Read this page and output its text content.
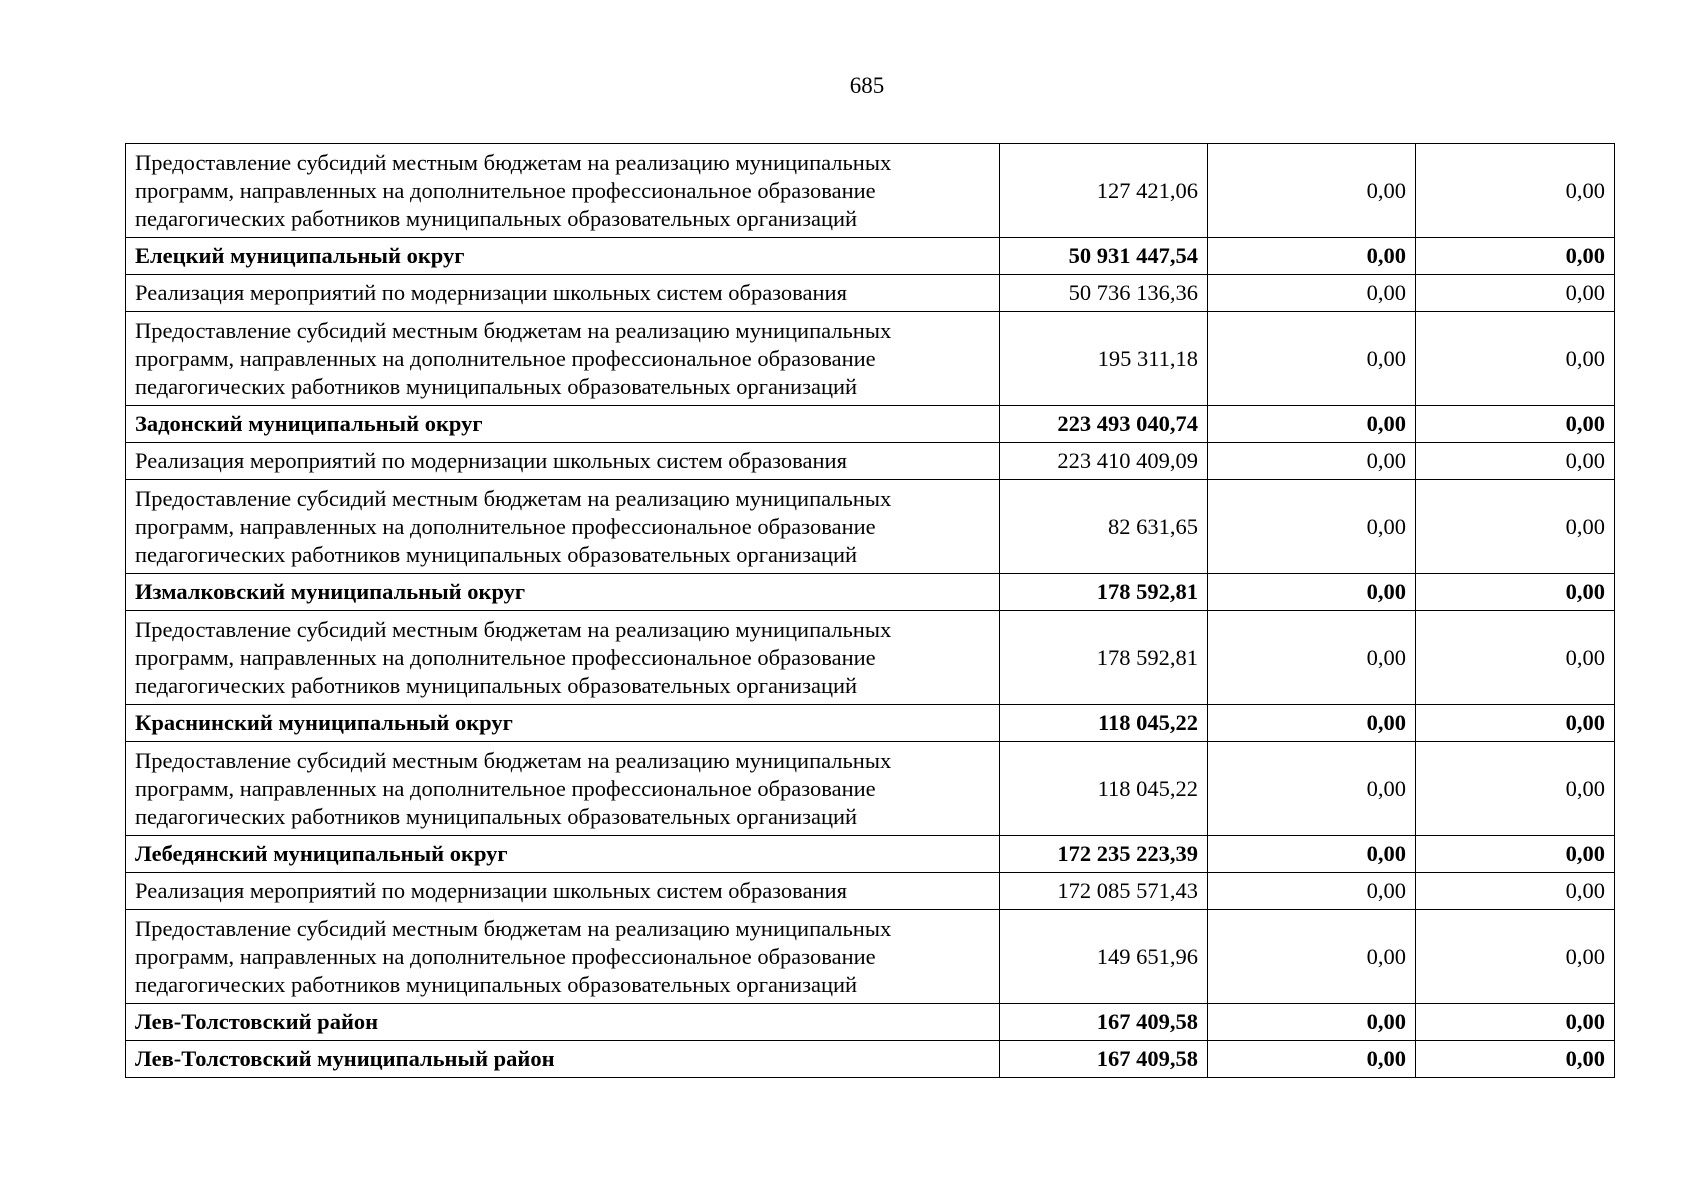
685
Предоставление субсидий местным бюджетам на реализацию муниципальных программ, направленных на дополнительное профессиональное образование педагогических работников муниципальных образовательных организаций	127 421,06	0,00	0,00
Елецкий муниципальный округ	50 931 447,54	0,00	0,00
Реализация мероприятий по модернизации школьных систем образования	50 736 136,36	0,00	0,00
Предоставление субсидий местным бюджетам на реализацию муниципальных программ, направленных на дополнительное профессиональное образование педагогических работников муниципальных образовательных организаций	195 311,18	0,00	0,00
Задонский муниципальный округ	223 493 040,74	0,00	0,00
Реализация мероприятий по модернизации школьных систем образования	223 410 409,09	0,00	0,00
Предоставление субсидий местным бюджетам на реализацию муниципальных программ, направленных на дополнительное профессиональное образование педагогических работников муниципальных образовательных организаций	82 631,65	0,00	0,00
Измалковский муниципальный округ	178 592,81	0,00	0,00
Предоставление субсидий местным бюджетам на реализацию муниципальных программ, направленных на дополнительное профессиональное образование педагогических работников муниципальных образовательных организаций	178 592,81	0,00	0,00
Краснинский муниципальный округ	118 045,22	0,00	0,00
Предоставление субсидий местным бюджетам на реализацию муниципальных программ, направленных на дополнительное профессиональное образование педагогических работников муниципальных образовательных организаций	118 045,22	0,00	0,00
Лебедянский муниципальный округ	172 235 223,39	0,00	0,00
Реализация мероприятий по модернизации школьных систем образования	172 085 571,43	0,00	0,00
Предоставление субсидий местным бюджетам на реализацию муниципальных программ, направленных на дополнительное профессиональное образование педагогических работников муниципальных образовательных организаций	149 651,96	0,00	0,00
Лев-Толстовский район	167 409,58	0,00	0,00
Лев-Толстовский муниципальный район	167 409,58	0,00	0,00
